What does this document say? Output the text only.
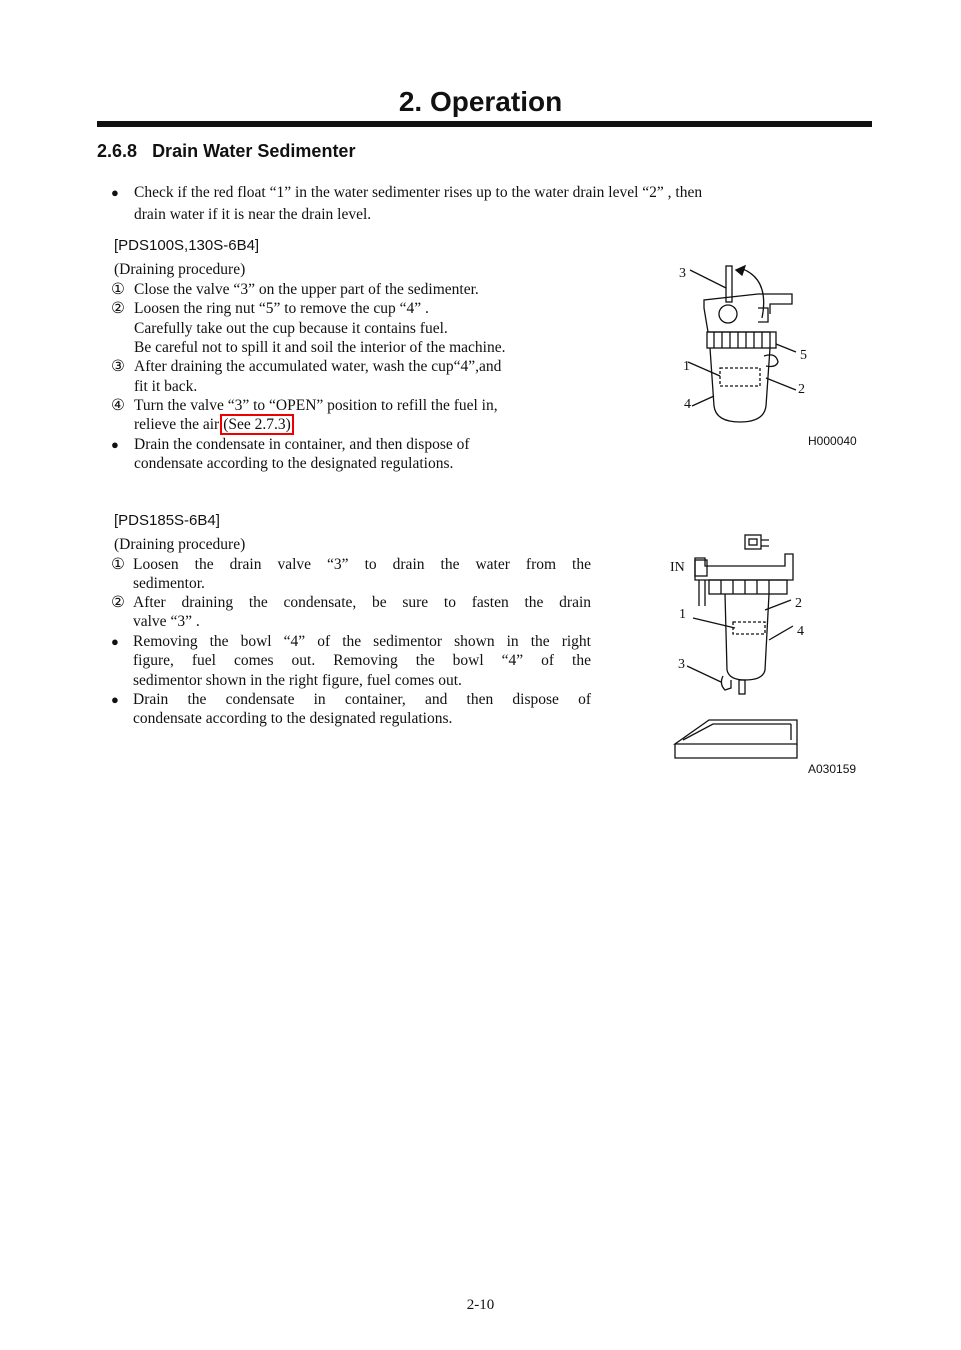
2. Operation
2.6.8 Drain Water Sedimenter
● Check if the red float “1” in the water sedimenter rises up to the water drain level “2” , then
drain water if it is near the drain level.
[PDS100S,130S-6B4]
(Draining procedure)
① Close the valve “3” on the upper part of the sedimenter.
② Loosen the ring nut “5” to remove the cup “4” .
Carefully take out the cup because it contains fuel.
Be careful not to spill it and soil the interior of the machine.
③ After draining the accumulated water, wash the cup“4”,and
fit it back.
④ Turn the valve “3” to “OPEN” position to refill the fuel in,
relieve the air (See 2.7.3)
● Drain the condensate in container, and then dispose of
condensate according to the designated regulations.
3
5
1
2
4
H000040
[PDS185S-6B4]
(Draining procedure)
① Loosen the drain valve “3” to drain the water from the
sedimentor.
② After draining the condensate, be sure to fasten the drain
valve “3” .
● Removing the bowl “4” of the sedimentor shown in the right
figure, fuel comes out. Removing the bowl “4” of the
sedimentor shown in the right figure, fuel comes out.
● Drain the condensate in container, and then dispose of
condensate according to the designated regulations.
IN
1
2
4
3
A030159
2-10
